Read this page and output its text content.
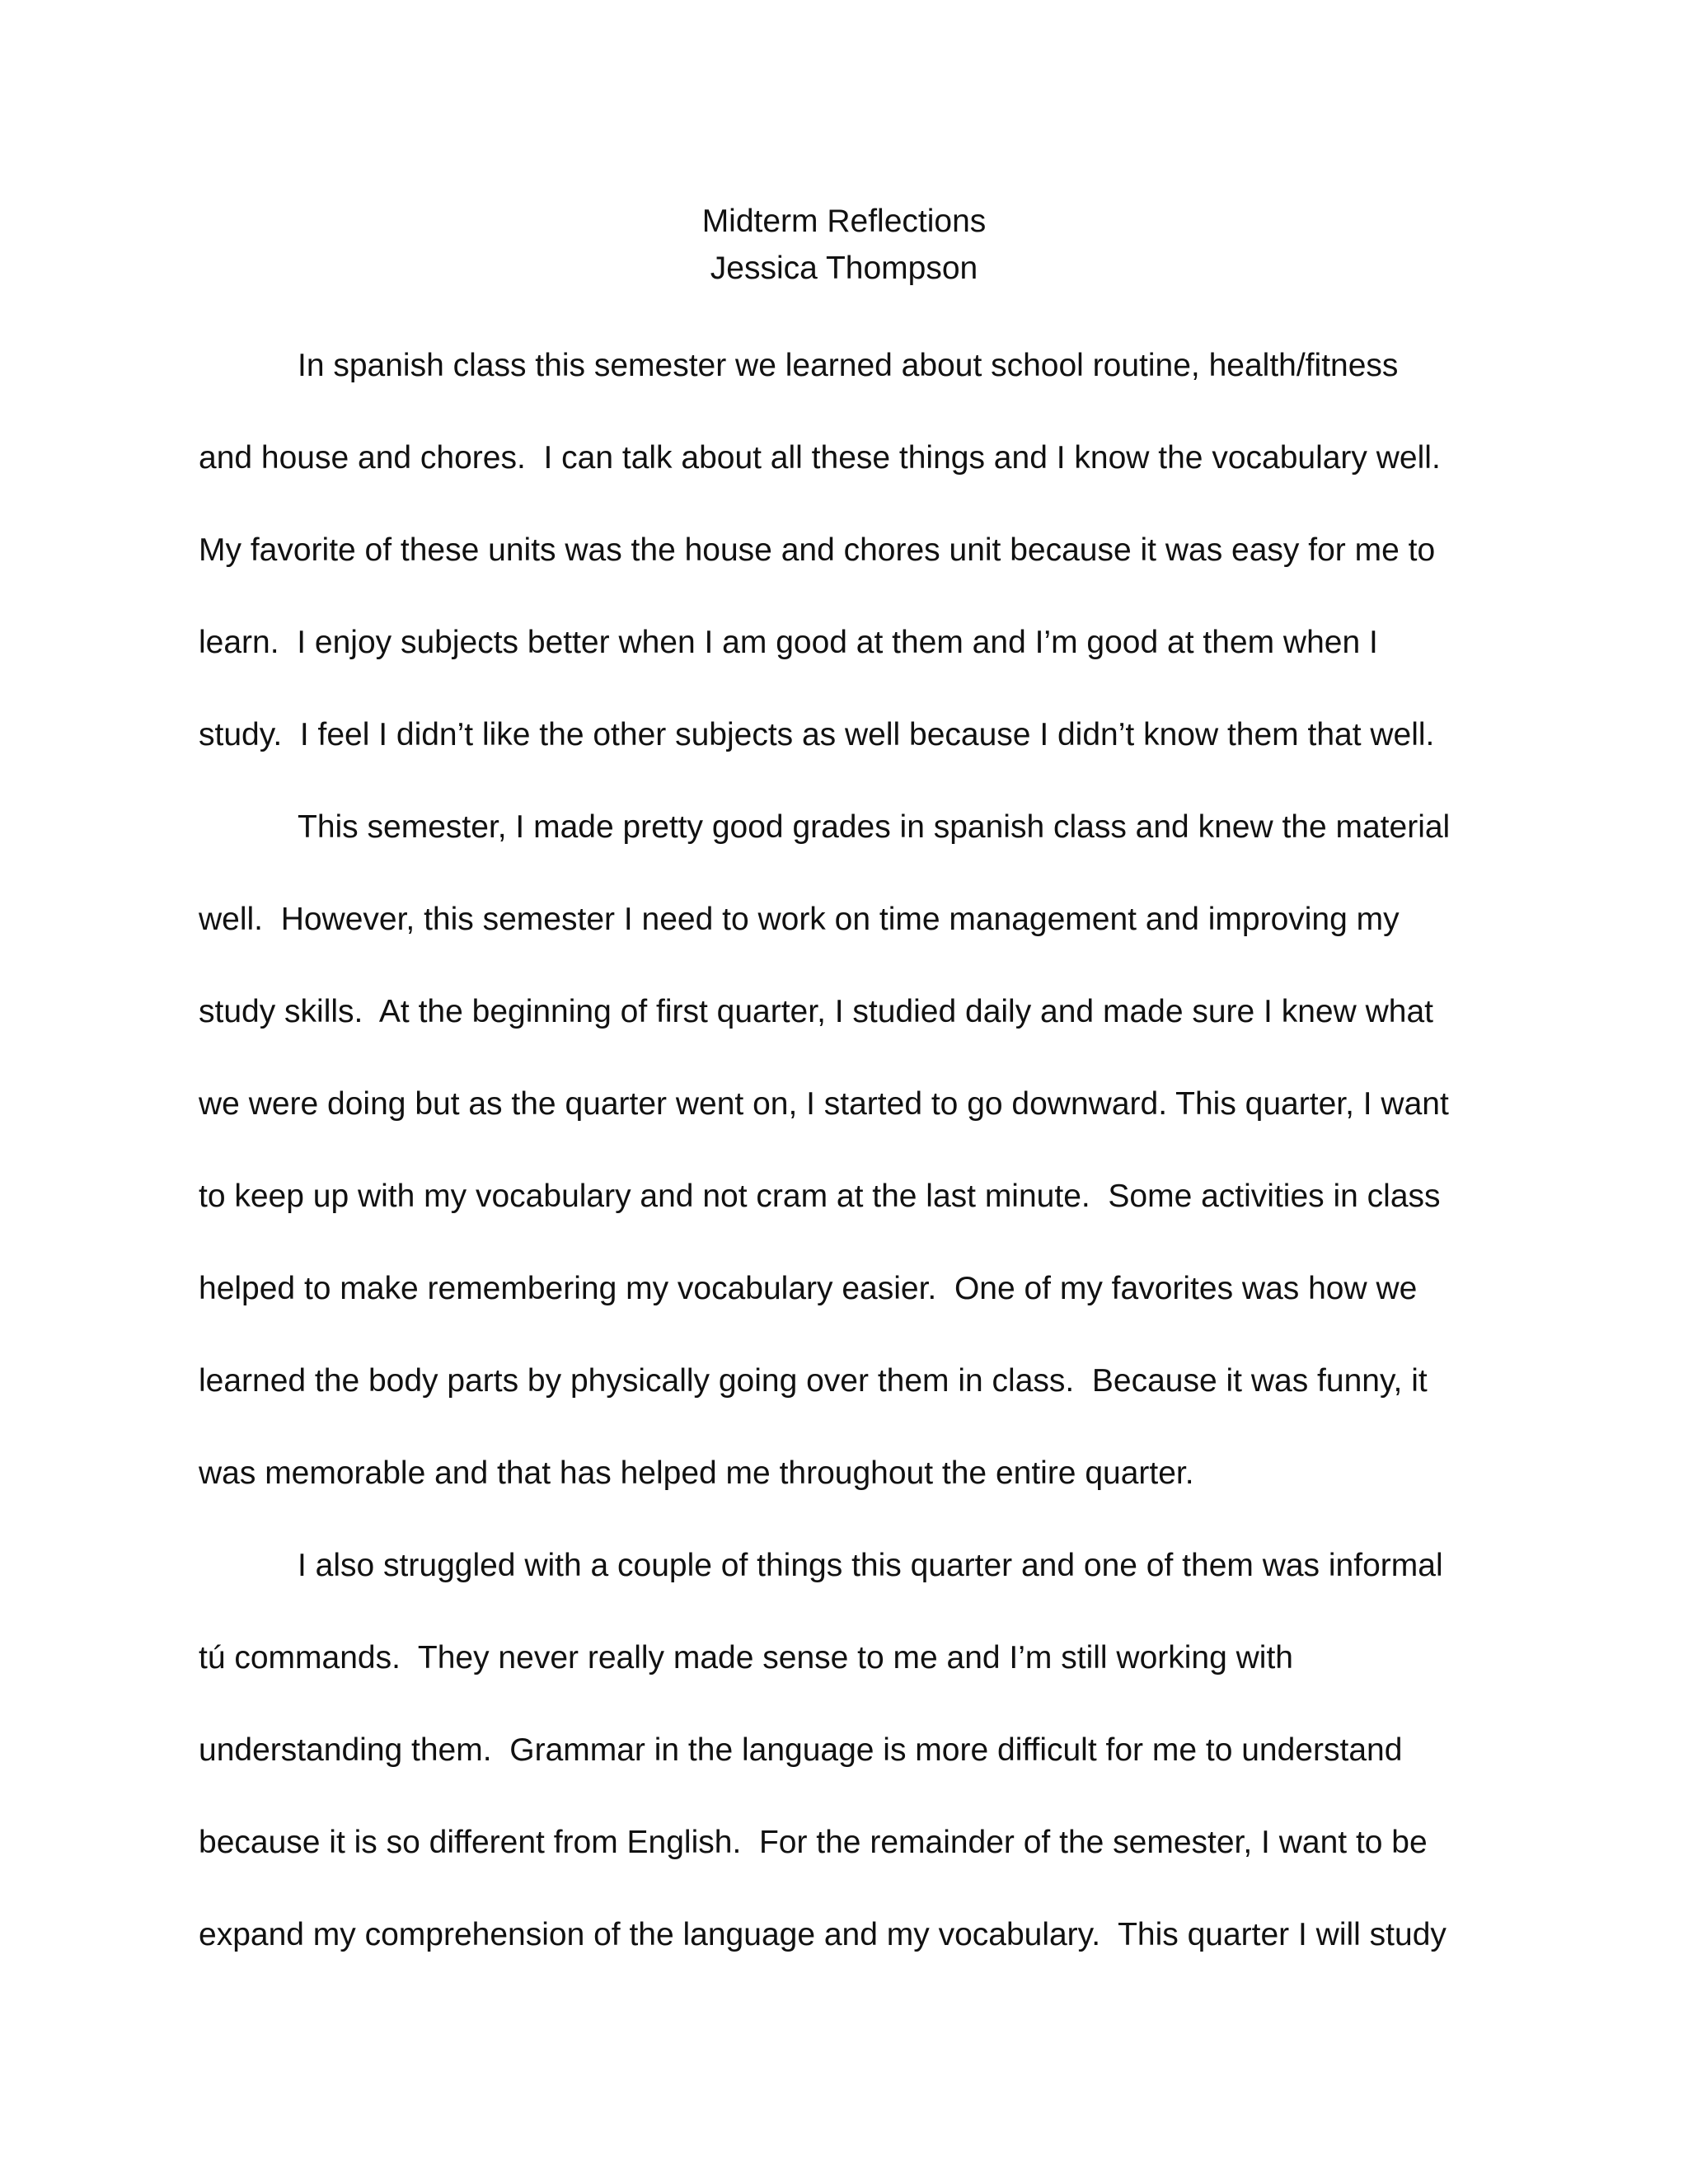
Midterm Reflections
Jessica Thompson
In spanish class this semester we learned about school routine, health/fitness
and house and chores.  I can talk about all these things and I know the vocabulary well.
My favorite of these units was the house and chores unit because it was easy for me to
learn.  I enjoy subjects better when I am good at them and I’m good at them when I
study.  I feel I didn’t like the other subjects as well because I didn’t know them that well.
This semester, I made pretty good grades in spanish class and knew the material
well.  However, this semester I need to work on time management and improving my
study skills.  At the beginning of first quarter, I studied daily and made sure I knew what
we were doing but as the quarter went on, I started to go downward. This quarter, I want
to keep up with my vocabulary and not cram at the last minute.  Some activities in class
helped to make remembering my vocabulary easier.  One of my favorites was how we
learned the body parts by physically going over them in class.  Because it was funny, it
was memorable and that has helped me throughout the entire quarter.
I also struggled with a couple of things this quarter and one of them was informal
tú commands.  They never really made sense to me and I’m still working with
understanding them.  Grammar in the language is more difficult for me to understand
because it is so different from English.  For the remainder of the semester, I want to be
expand my comprehension of the language and my vocabulary.  This quarter I will study
